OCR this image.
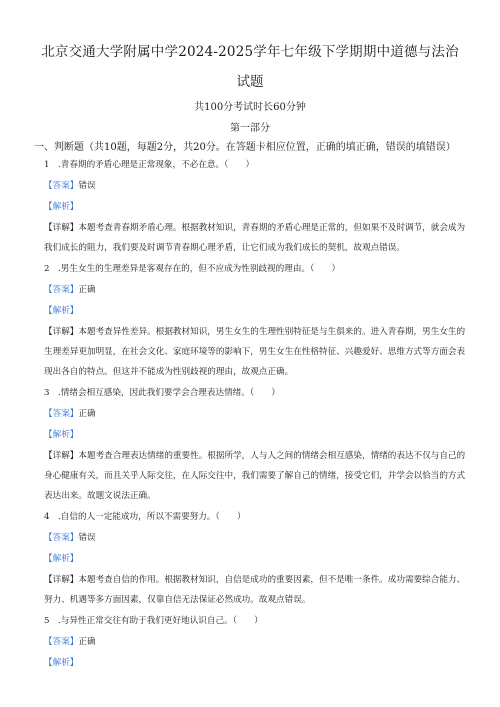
北京交通大学附属中学2024-2025学年七年级下学期期中道德与法治
试题
共100分考试时长60分钟
第一部分
一、判断题（共10题，每题2分，共20分。在答题卡相应位置，正确的填正确，错误的填错误）
1　.青春期的矛盾心理是正常现象，不必在意。（　　）
【答案】错误
【解析】
【详解】本题考查青春期矛盾心理。根据教材知识，青春期的矛盾心理是正常的，但如果不及时调节，就会成为
我们成长的阻力，我们要及时调节青春期心理矛盾，让它们成为我们成长的契机，故观点错误。
2　.男生女生的生理差异是客观存在的，但不应成为性别歧视的理由。（　　）
【答案】正确
【解析】
【详解】本题考查异性差异。根据教材知识，男生女生的生理性别特征是与生俱来的。进入青春期，男生女生的
生理差异更加明显，在社会文化、家庭环境等的影响下，男生女生在性格特征、兴趣爱好、思维方式等方面会表
现出各自的特点。但这并不能成为性别歧视的理由，故观点正确。
3　.情绪会相互感染，因此我们要学会合理表达情绪。（　　）
【答案】正确
【解析】
【详解】本题考查合理表达情绪的重要性。根据所学，人与人之间的情绪会相互感染，情绪的表达不仅与自己的
身心健康有关，而且关乎人际交往，在人际交往中，我们需要了解自己的情绪，接受它们，并学会以恰当的方式
表达出来。故题文说法正确。
4　.自信的人一定能成功，所以不需要努力。（　　）
【答案】错误
【解析】
【详解】本题考查自信的作用。根据教材知识，自信是成功的重要因素，但不是唯一条件。成功需要综合能力、
努力、机遇等多方面因素，仅靠自信无法保证必然成功。故观点错误。
5　.与异性正常交往有助于我们更好地认识自己。（　　）
【答案】正确
【解析】
